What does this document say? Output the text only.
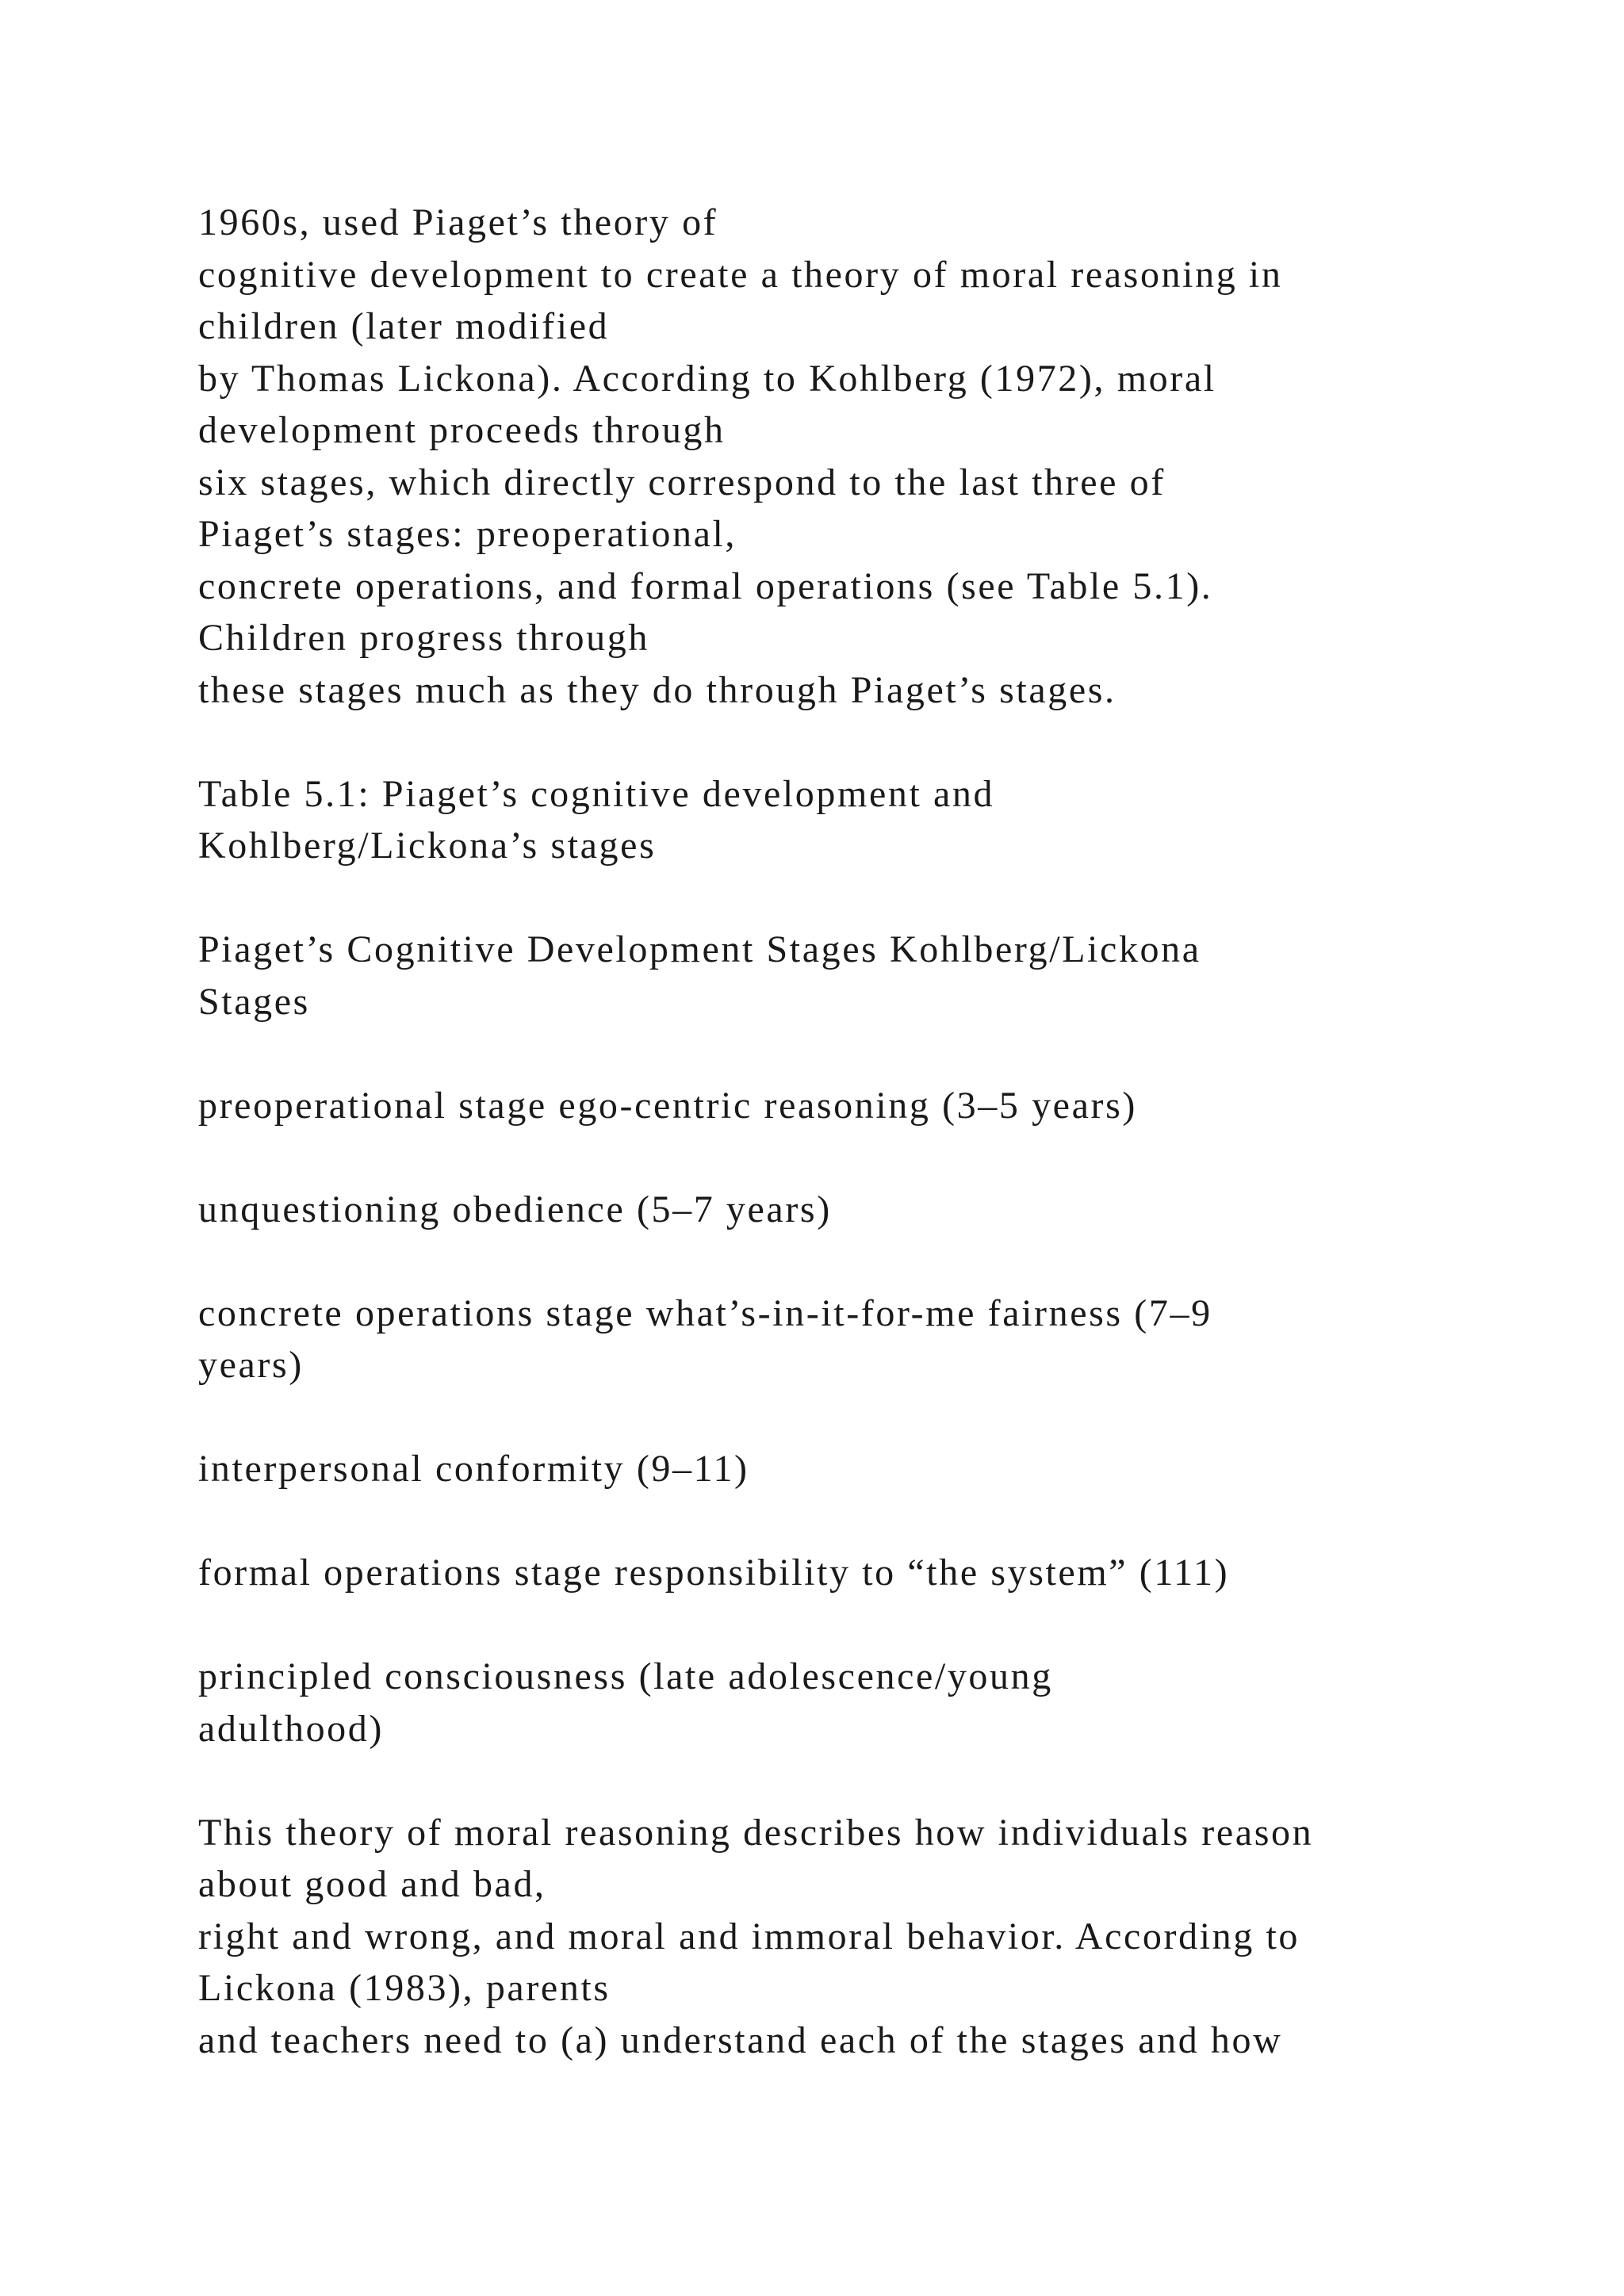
1960s, used Piaget’s theory of
cognitive development to create a theory of moral reasoning in
children (later modified
by Thomas Lickona). According to Kohlberg (1972), moral
development proceeds through
six stages, which directly correspond to the last three of
Piaget’s stages: preoperational,
concrete operations, and formal operations (see Table 5.1).
Children progress through
these stages much as they do through Piaget’s stages.
Table 5.1: Piaget’s cognitive development and
Kohlberg/Lickona’s stages
Piaget’s Cognitive Development Stages Kohlberg/Lickona
Stages
preoperational stage ego-centric reasoning (3–5 years)
unquestioning obedience (5–7 years)
concrete operations stage what’s-in-it-for-me fairness (7–9
years)
interpersonal conformity (9–11)
formal operations stage responsibility to “the system” (111)
principled consciousness (late adolescence/young
adulthood)
This theory of moral reasoning describes how individuals reason
about good and bad,
right and wrong, and moral and immoral behavior. According to
Lickona (1983), parents
and teachers need to (a) understand each of the stages and how
